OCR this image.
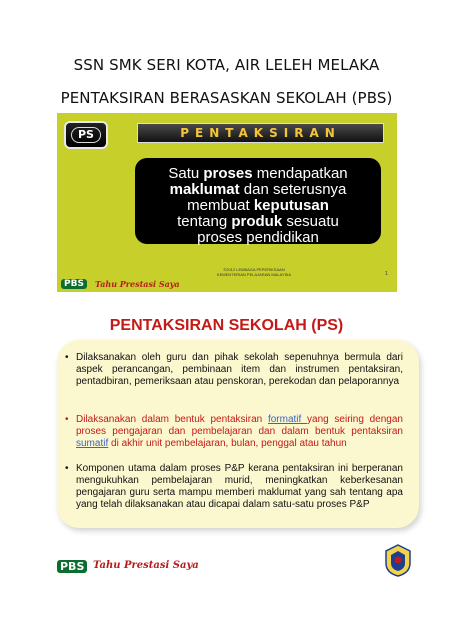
SSN SMK SERI KOTA, AIR LELEH MELAKA
PENTAKSIRAN BERASASKAN SEKOLAH (PBS)
PS	PENTAKSIRAN
Satu proses mendapatkan
maklumat dan seterusnya
membuat keputusan
tentang produk sesuatu
proses pendidikan
©2012 LEMBAGA PEPERIKSAAN
KEMENTERIAN PELAJARAN MALAYSIA	1
PBS	Tahu Prestasi Saya
PENTAKSIRAN SEKOLAH (PS)
• Dilaksanakan oleh guru dan pihak sekolah sepenuhnya bermula dari aspek perancangan, pembinaan item dan instrumen pentaksiran, pentadbiran, pemeriksaan atau penskoran, perekodan dan pelaporannya
• Dilaksanakan dalam bentuk pentaksiran formatif yang seiring dengan proses pengajaran dan pembelajaran dan dalam bentuk pentaksiran sumatif di akhir unit pembelajaran, bulan, penggal atau tahun
• Komponen utama dalam proses P&P kerana pentaksiran ini berperanan mengukuhkan pembelajaran murid, meningkatkan keberkesanan pengajaran guru serta mampu memberi maklumat yang sah tentang apa yang telah dilaksanakan atau dicapai dalam satu-satu proses P&P
PBS Tahu Prestasi Saya
